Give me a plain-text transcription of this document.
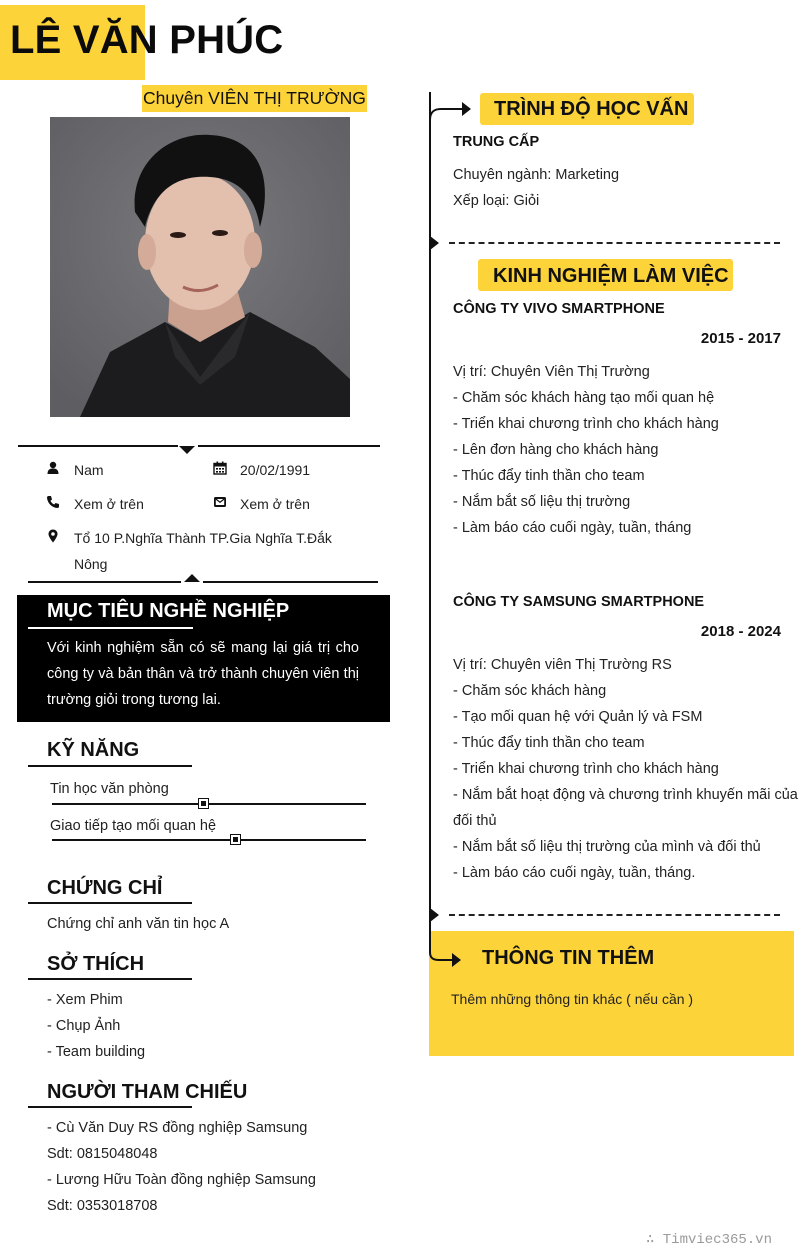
LÊ VĂN PHÚC
Chuyên VIÊN THỊ TRƯỜNG
Nam	20/02/1991
Xem ở trên	Xem ở trên
Tổ 10 P.Nghĩa Thành TP.Gia Nghĩa T.Đắk
Nông
MỤC TIÊU NGHỀ NGHIỆP
Với kinh nghiệm sẵn có sẽ mang lại giá trị cho công ty và bản thân và trở thành chuyên viên thị trường giỏi trong tương lai.
KỸ NĂNG
Tin học văn phòng
Giao tiếp tạo mối quan hệ
CHỨNG CHỈ
Chứng chỉ anh văn tin học A
SỞ THÍCH
- Xem Phim
- Chụp Ảnh
- Team building
NGƯỜI THAM CHIẾU
- Cù Văn Duy RS đồng nghiệp Samsung
Sdt: 0815048048
- Lương Hữu Toàn đồng nghiệp Samsung
Sdt: 0353018708
TRÌNH ĐỘ HỌC VẤN
TRUNG CẤP
Chuyên ngành: Marketing
Xếp loại: Giỏi
KINH NGHIỆM LÀM VIỆC
CÔNG TY VIVO SMARTPHONE
2015 - 2017
Vị trí: Chuyên Viên Thị Trường
- Chăm sóc khách hàng tạo mối quan hệ
- Triển khai chương trình cho khách hàng
- Lên đơn hàng cho khách hàng
- Thúc đẩy tinh thần cho team
- Nắm bắt số liệu thị trường
- Làm báo cáo cuối ngày, tuần, tháng
CÔNG TY SAMSUNG SMARTPHONE
2018 - 2024
Vị trí: Chuyên viên Thị Trường RS
- Chăm sóc khách hàng
- Tạo mối quan hệ với Quản lý và FSM
- Thúc đẩy tinh thần cho team
- Triển khai chương trình cho khách hàng
- Nắm bắt hoạt động và chương trình khuyến mãi của
đối thủ
- Nắm bắt số liệu thị trường của mình và đối thủ
- Làm báo cáo cuối ngày, tuần, tháng.
THÔNG TIN THÊM
Thêm những thông tin khác ( nếu cần )
∴ Timviec365.vn
